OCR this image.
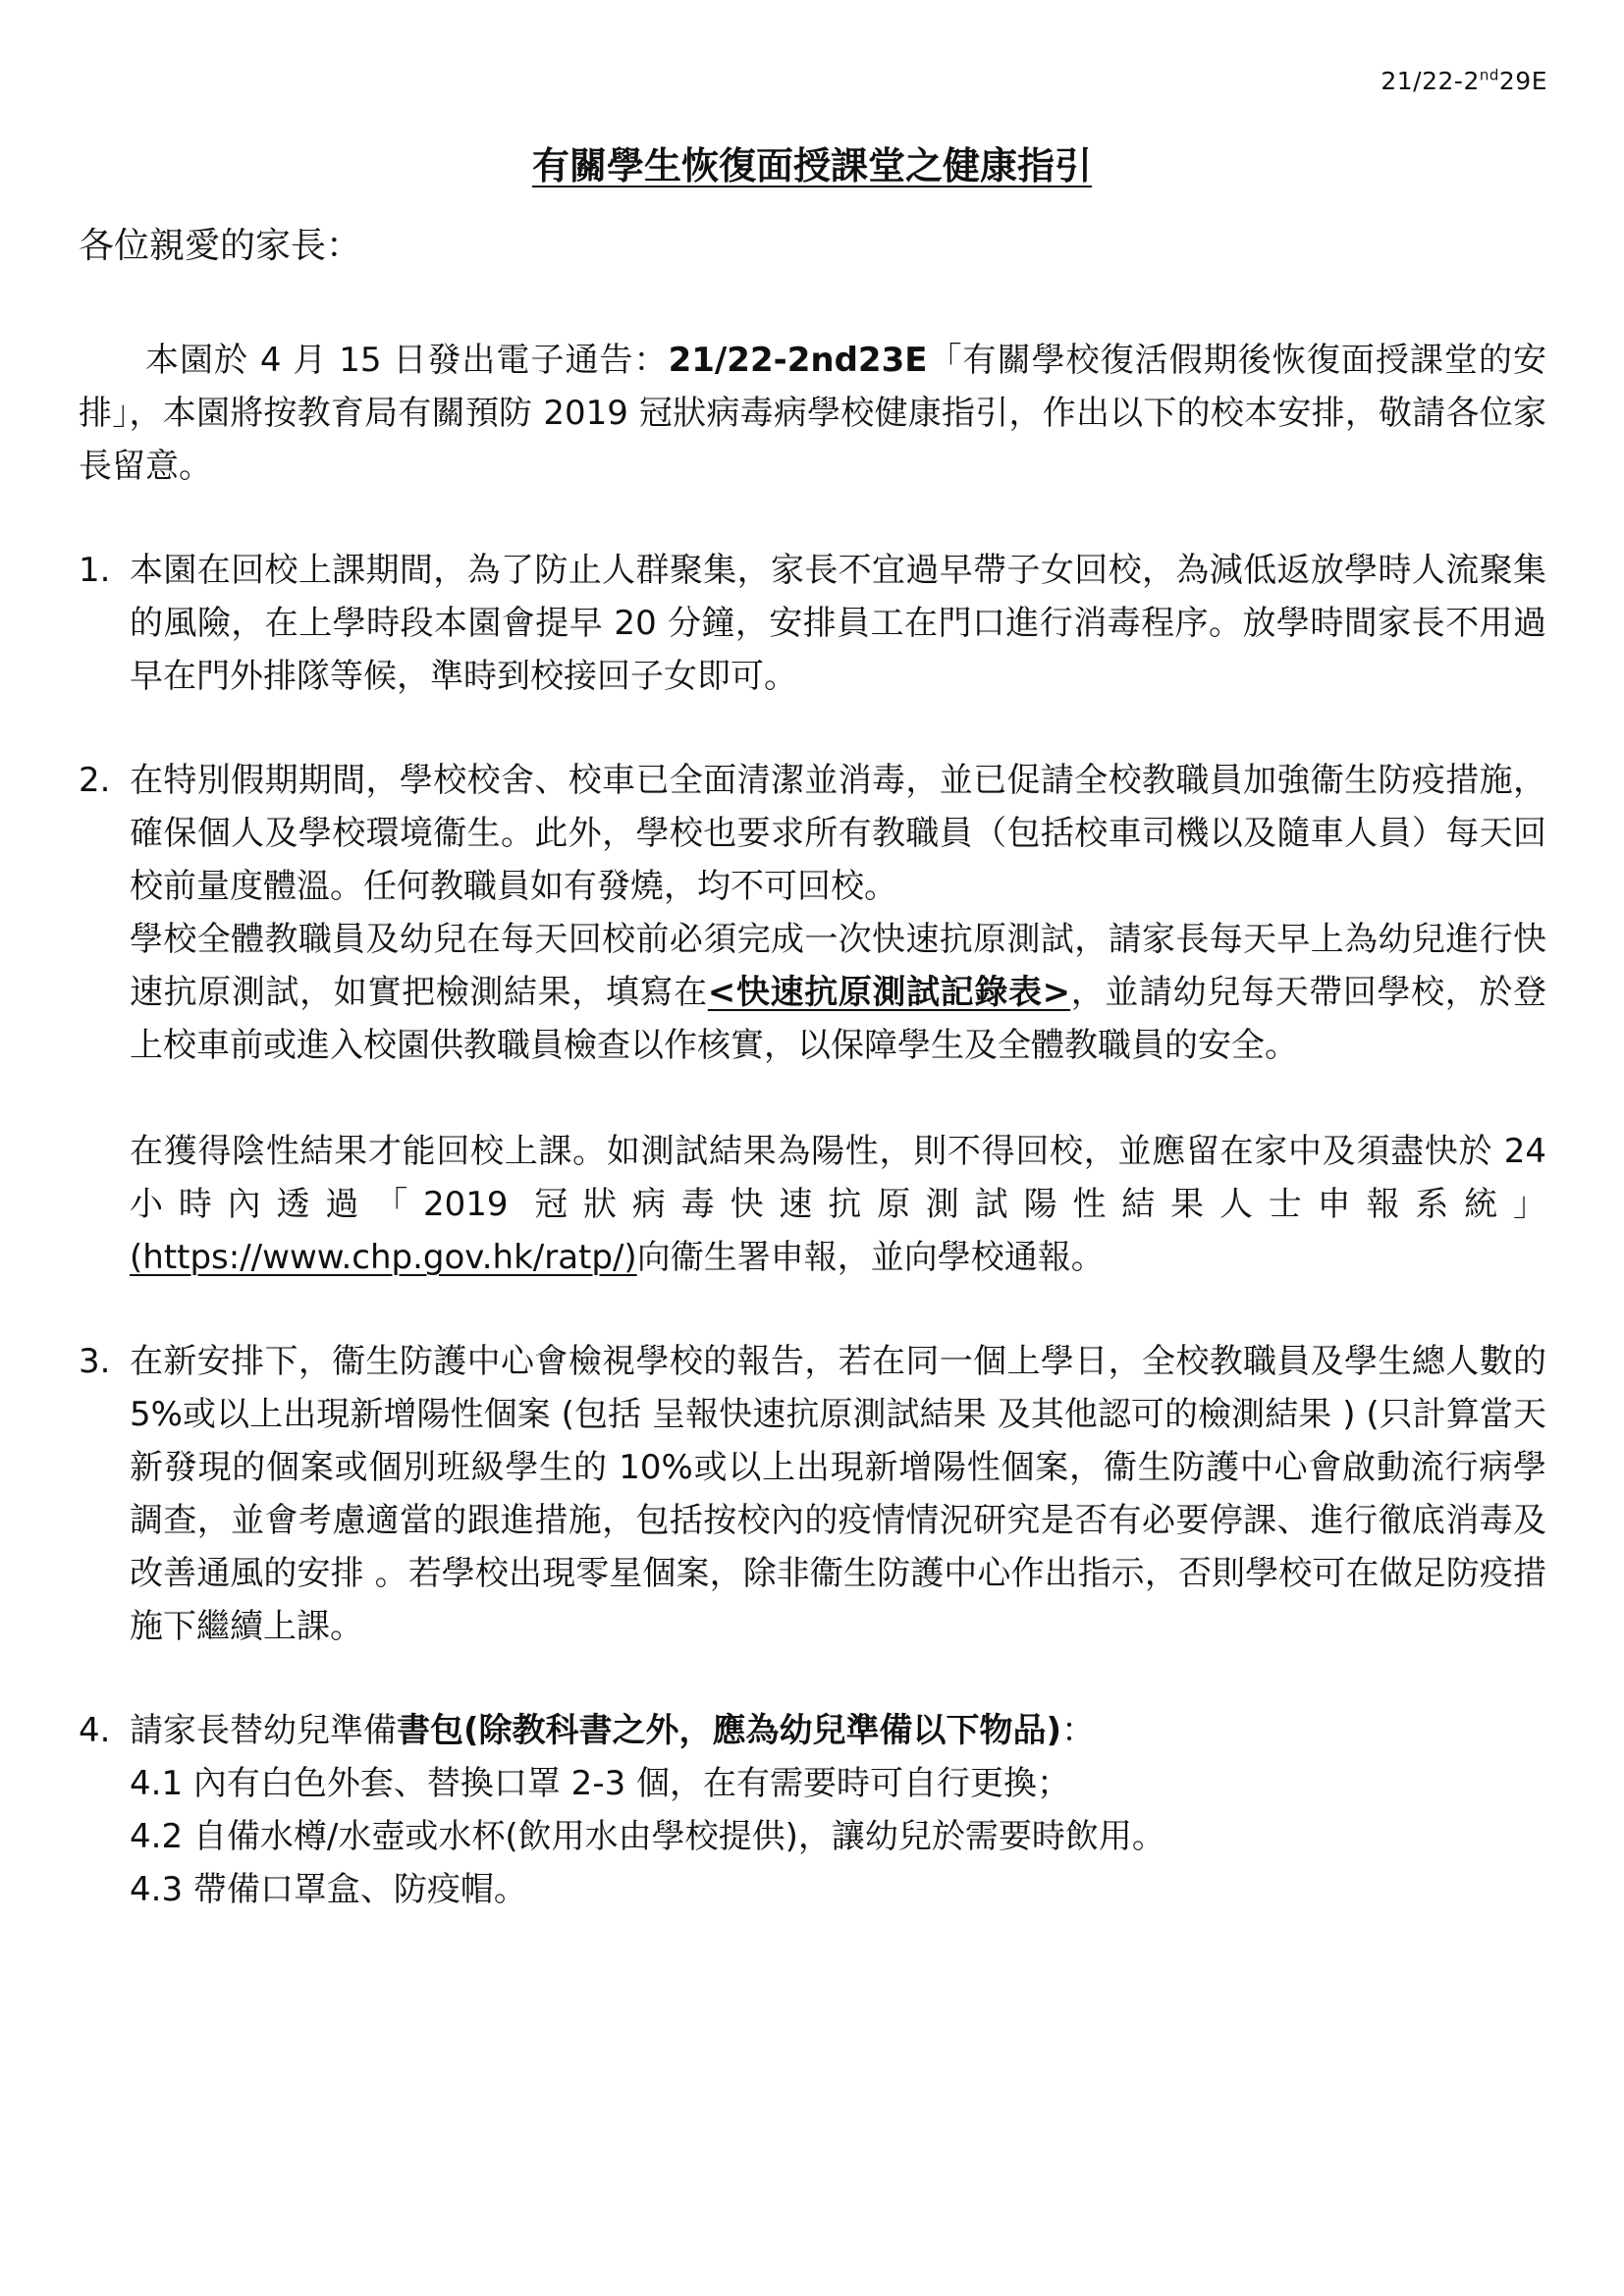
21/22-2nd29E
有關學生恢復面授課堂之健康指引
各位親愛的家長：

本園於 4 月 15 日發出電子通告：21/22-2nd23E「有關學校復活假期後恢復面授課堂的安排」，本園將按教育局有關預防 2019 冠狀病毒病學校健康指引，作出以下的校本安排，敬請各位家長留意。

1. 本園在回校上課期間，為了防止人群聚集，家長不宜過早帶子女回校，為減低返放學時人流聚集的風險，在上學時段本園會提早 20 分鐘，安排員工在門口進行消毒程序。放學時間家長不用過早在門外排隊等候，準時到校接回子女即可。

2. 在特別假期期間，學校校舍、校車已全面清潔並消毒，並已促請全校教職員加強衞生防疫措施，確保個人及學校環境衞生。此外，學校也要求所有教職員（包括校車司機以及隨車人員）每天回校前量度體溫。任何教職員如有發燒，均不可回校。

學校全體教職員及幼兒在每天回校前必須完成一次快速抗原測試，請家長每天早上為幼兒進行快速抗原測試，如實把檢測結果，填寫在<快速抗原測試記錄表>，並請幼兒每天帶回學校，於登上校車前或進入校園供教職員檢查以作核實，以保障學生及全體教職員的安全。

在獲得陰性結果才能回校上課。如測試結果為陽性，則不得回校，並應留在家中及須盡快於 24 小時內透過「2019 冠狀病毒快速抗原測試陽性結果人士申報系統」(https://www.chp.gov.hk/ratp/)向衞生署申報，並向學校通報。

3. 在新安排下，衞生防護中心會檢視學校的報告，若在同一個上學日，全校教職員及學生總人數的 5%或以上出現新增陽性個案 (包括 呈報快速抗原測試結果 及其他認可的檢測結果 ) (只計算當天新發現的個案或個別班級學生的 10%或以上出現新增陽性個案，衞生防護中心會啟動流行病學調查，並會考慮適當的跟進措施，包括按校內的疫情情況研究是否有必要停課、進行徹底消毒及改善通風的安排 。若學校出現零星個案，除非衞生防護中心作出指示，否則學校可在做足防疫措施下繼續上課。

4. 請家長替幼兒準備書包(除教科書之外，應為幼兒準備以下物品)：

4.1 內有白色外套、替換口罩 2-3 個，在有需要時可自行更換；

4.2 自備水樽/水壺或水杯(飲用水由學校提供)，讓幼兒於需要時飲用。

4.3 帶備口罩盒、防疫帽。
